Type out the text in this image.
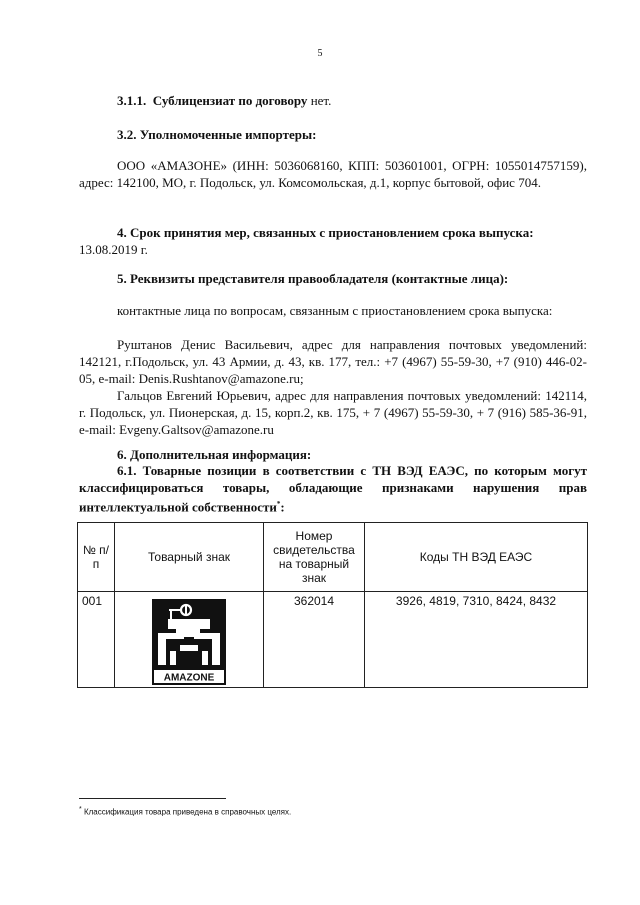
5
3.1.1. Сублицензиат по договору нет.
3.2. Уполномоченные импортеры:
ООО «АМАЗОНЕ» (ИНН: 5036068160, КПП: 503601001, ОГРН: 1055014757159), адрес: 142100, МО, г. Подольск, ул. Комсомольская, д.1, корпус бытовой, офис 704.
4. Срок принятия мер, связанных с приостановлением срока выпуска: 13.08.2019 г.
5. Реквизиты представителя правообладателя (контактные лица):
контактные лица по вопросам, связанным с приостановлением срока выпуска:
Руштанов Денис Васильевич, адрес для направления почтовых уведомлений: 142121, г.Подольск, ул. 43 Армии, д. 43, кв. 177, тел.: +7 (4967) 55-59-30, +7 (910) 446-02-05, e-mail: Denis.Rushtanov@amazone.ru;
Гальцов Евгений Юрьевич, адрес для направления почтовых уведомлений: 142114, г. Подольск, ул. Пионерская, д. 15, корп.2, кв. 175, + 7 (4967) 55-59-30, + 7 (916) 585-36-91, e-mail: Evgeny.Galtsov@amazone.ru
6. Дополнительная информация:
6.1. Товарные позиции в соответствии с ТН ВЭД ЕАЭС, по которым могут классифицироваться товары, обладающие признаками нарушения прав интеллектуальной собственности*:
№ п/п	Товарный знак	Номер свидетельства на товарный знак	Коды ТН ВЭД ЕАЭС
001	AMAZONE	362014	3926, 4819, 7310, 8424, 8432
* Классификация товара приведена в справочных целях.
